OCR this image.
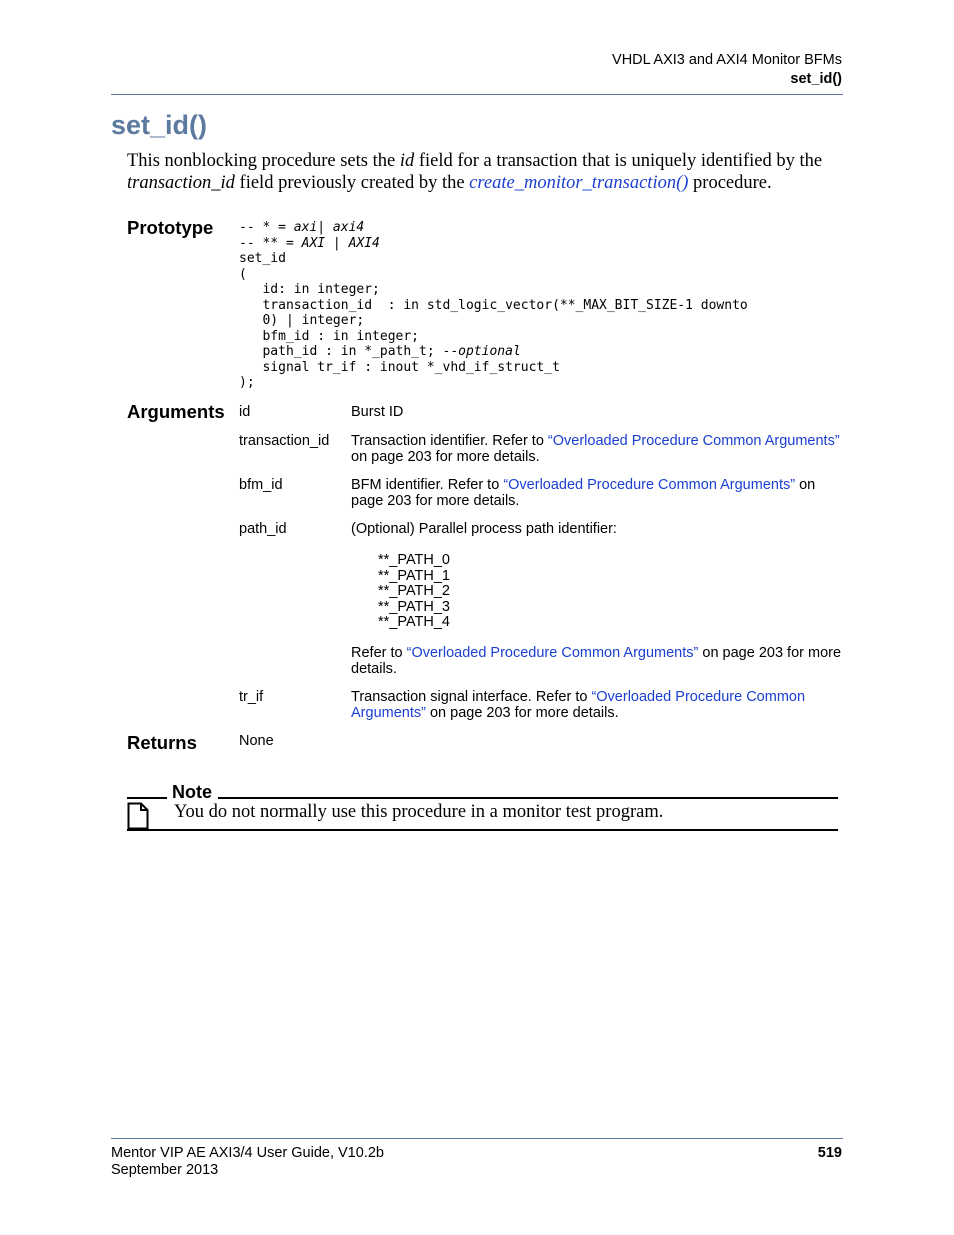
VHDL AXI3 and AXI4 Monitor BFMs
set_id()
set_id()
This nonblocking procedure sets the id field for a transaction that is uniquely identified by the transaction_id field previously created by the create_monitor_transaction() procedure.
Prototype -- * = axi| axi4
-- ** = AXI | AXI4
set_id
(
id: in integer;
transaction_id  : in std_logic_vector(**_MAX_BIT_SIZE-1 downto
0) | integer;
bfm_id : in integer;
path_id : in *_path_t; --optional
signal tr_if : inout *_vhd_if_struct_t
);
Arguments id	Burst ID
transaction_id Transaction identifier. Refer to “Overloaded Procedure Common Arguments” on page 203 for more details.
bfm_id	BFM identifier. Refer to “Overloaded Procedure Common Arguments” on page 203 for more details.
path_id	(Optional) Parallel process path identifier:
**_PATH_0
**_PATH_1
**_PATH_2
**_PATH_3
**_PATH_4
Refer to “Overloaded Procedure Common Arguments” on page 203 for more details.
tr_if	Transaction signal interface. Refer to “Overloaded Procedure Common Arguments” on page 203 for more details.
Returns	None
Note
You do not normally use this procedure in a monitor test program.
Mentor VIP AE AXI3/4 User Guide, V10.2b
September 2013
519
